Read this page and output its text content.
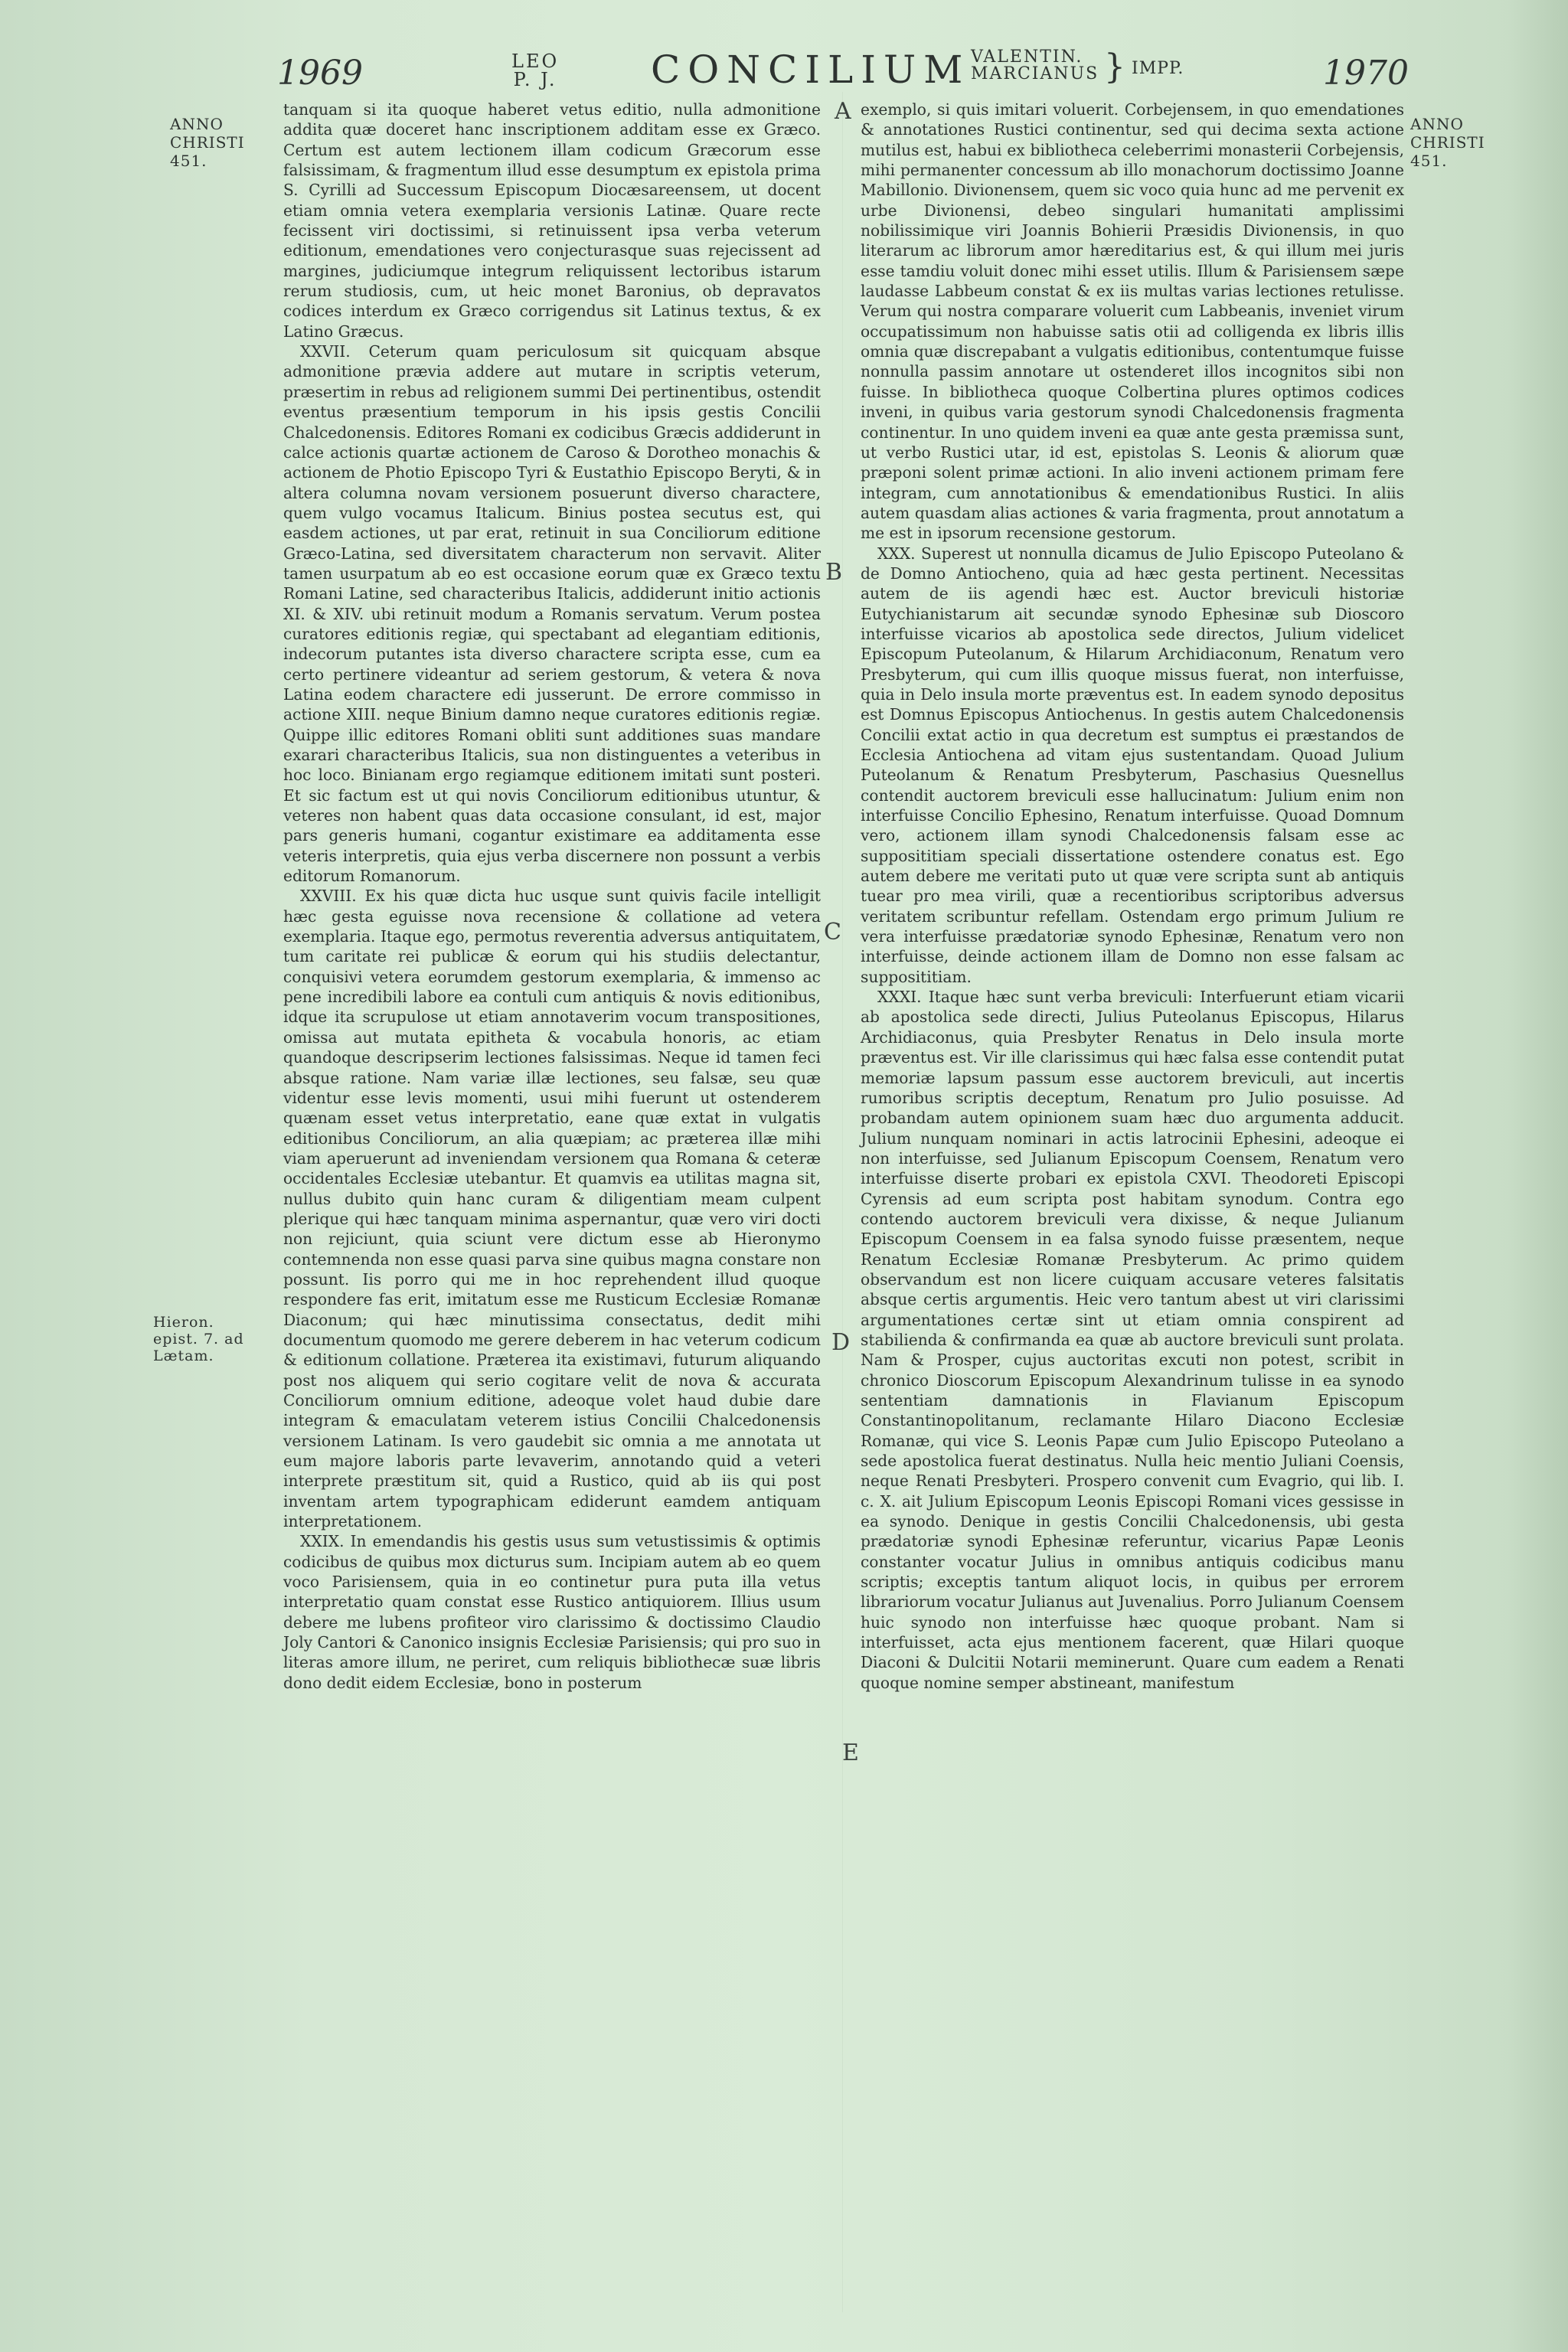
1969	LEO
P. J. CONCILIUM VALENTIN.
MARCIANUS } IMPP.	1970
ANNO
CHRISTI
451.
ANNO
CHRISTI
451.
Hieron.
epist. 7. ad
Lætam.
A
B
C
D
E

tanquam si ita quoque haberet vetus editio, nulla admonitione addita quæ doceret hanc inscriptionem additam esse ex Græco. Certum est autem lectionem illam codicum Græcorum esse falsissimam, & fragmentum illud esse desumptum ex epistola prima S. Cyrilli ad Successum Episcopum Diocæsareensem, ut docent etiam omnia vetera exemplaria versionis Latinæ. Quare recte fecissent viri doctissimi, si retinuissent ipsa verba veterum editionum, emendationes vero conjecturasque suas rejecissent ad margines, judiciumque integrum reliquissent lectoribus istarum rerum studiosis, cum, ut heic monet Baronius, ob depravatos codices interdum ex Græco corrigendus sit Latinus textus, & ex Latino Græcus.

XXVII. Ceterum quam periculosum sit quicquam absque admonitione prævia addere aut mutare in scriptis veterum, præsertim in rebus ad religionem summi Dei pertinentibus, ostendit eventus præsentium temporum in his ipsis gestis Concilii Chalcedonensis. Editores Romani ex codicibus Græcis addiderunt in calce actionis quartæ actionem de Caroso & Dorotheo monachis & actionem de Photio Episcopo Tyri & Eustathio Episcopo Beryti, & in altera columna novam versionem posuerunt diverso charactere, quem vulgo vocamus Italicum. Binius postea secutus est, qui easdem actiones, ut par erat, retinuit in sua Conciliorum editione Græco-Latina, sed diversitatem characterum non servavit. Aliter tamen usurpatum ab eo est occasione eorum quæ ex Græco textu Romani Latine, sed characteribus Italicis, addiderunt initio actionis XI. & XIV. ubi retinuit modum a Romanis servatum. Verum postea curatores editionis regiæ, qui spectabant ad elegantiam editionis, indecorum putantes ista diverso charactere scripta esse, cum ea certo pertinere videantur ad seriem gestorum, & vetera & nova Latina eodem charactere edi jusserunt. De errore commisso in actione XIII. neque Binium damno neque curatores editionis regiæ. Quippe illic editores Romani obliti sunt additiones suas mandare exarari characteribus Italicis, sua non distinguentes a veteribus in hoc loco. Binianam ergo regiamque editionem imitati sunt posteri. Et sic factum est ut qui novis Conciliorum editionibus utuntur, & veteres non habent quas data occasione consulant, id est, major pars generis humani, cogantur existimare ea additamenta esse veteris interpretis, quia ejus verba discernere non possunt a verbis editorum Romanorum.

XXVIII. Ex his quæ dicta huc usque sunt quivis facile intelligit hæc gesta eguisse nova recensione & collatione ad vetera exemplaria. Itaque ego, permotus reverentia adversus antiquitatem, tum caritate rei publicæ & eorum qui his studiis delectantur, conquisivi vetera eorumdem gestorum exemplaria, & immenso ac pene incredibili labore ea contuli cum antiquis & novis editionibus, idque ita scrupulose ut etiam annotaverim vocum transpositiones, omissa aut mutata epitheta & vocabula honoris, ac etiam quandoque descripserim lectiones falsissimas. Neque id tamen feci absque ratione. Nam variæ illæ lectiones, seu falsæ, seu quæ videntur esse levis momenti, usui mihi fuerunt ut ostenderem quænam esset vetus interpretatio, eane quæ extat in vulgatis editionibus Conciliorum, an alia quæpiam; ac præterea illæ mihi viam aperuerunt ad inveniendam versionem qua Romana & ceteræ occidentales Ecclesiæ utebantur. Et quamvis ea utilitas magna sit, nullus dubito quin hanc curam & diligentiam meam culpent plerique qui hæc tanquam minima aspernantur, quæ vero viri docti non rejiciunt, quia sciunt vere dictum esse ab Hieronymo contemnenda non esse quasi parva sine quibus magna constare non possunt. Iis porro qui me in hoc reprehendent illud quoque respondere fas erit, imitatum esse me Rusticum Ecclesiæ Romanæ Diaconum; qui hæc minutissima consectatus, dedit mihi documentum quomodo me gerere deberem in hac veterum codicum & editionum collatione. Præterea ita existimavi, futurum aliquando post nos aliquem qui serio cogitare velit de nova & accurata Conciliorum omnium editione, adeoque volet haud dubie dare integram & emaculatam veterem istius Concilii Chalcedonensis versionem Latinam. Is vero gaudebit sic omnia a me annotata ut eum majore laboris parte levaverim, annotando quid a veteri interprete præstitum sit, quid a Rustico, quid ab iis qui post inventam artem typographicam ediderunt eamdem antiquam interpretationem.

XXIX. In emendandis his gestis usus sum vetustissimis & optimis codicibus de quibus mox dicturus sum. Incipiam autem ab eo quem voco Parisiensem, quia in eo continetur pura puta illa vetus interpretatio quam constat esse Rustico antiquiorem. Illius usum debere me lubens profiteor viro clarissimo & doctissimo Claudio Joly Cantori & Canonico insignis Ecclesiæ Parisiensis; qui pro suo in literas amore illum, ne periret, cum reliquis bibliothecæ suæ libris dono dedit eidem Ecclesiæ, bono in posterum

exemplo, si quis imitari voluerit. Corbejensem, in quo emendationes & annotationes Rustici continentur, sed qui decima sexta actione mutilus est, habui ex bibliotheca celeberrimi monasterii Corbejensis, mihi permanenter concessum ab illo monachorum doctissimo Joanne Mabillonio. Divionensem, quem sic voco quia hunc ad me pervenit ex urbe Divionensi, debeo singulari humanitati amplissimi nobilissimique viri Joannis Bohierii Præsidis Divionensis, in quo literarum ac librorum amor hæreditarius est, & qui illum mei juris esse tamdiu voluit donec mihi esset utilis. Illum & Parisiensem sæpe laudasse Labbeum constat & ex iis multas varias lectiones retulisse. Verum qui nostra comparare voluerit cum Labbeanis, inveniet virum occupatissimum non habuisse satis otii ad colligenda ex libris illis omnia quæ discrepabant a vulgatis editionibus, contentumque fuisse nonnulla passim annotare ut ostenderet illos incognitos sibi non fuisse. In bibliotheca quoque Colbertina plures optimos codices inveni, in quibus varia gestorum synodi Chalcedonensis fragmenta continentur. In uno quidem inveni ea quæ ante gesta præmissa sunt, ut verbo Rustici utar, id est, epistolas S. Leonis & aliorum quæ præponi solent primæ actioni. In alio inveni actionem primam fere integram, cum annotationibus & emendationibus Rustici. In aliis autem quasdam alias actiones & varia fragmenta, prout annotatum a me est in ipsorum recensione gestorum.

XXX. Superest ut nonnulla dicamus de Julio Episcopo Puteolano & de Domno Antiocheno, quia ad hæc gesta pertinent. Necessitas autem de iis agendi hæc est. Auctor breviculi historiæ Eutychianistarum ait secundæ synodo Ephesinæ sub Dioscoro interfuisse vicarios ab apostolica sede directos, Julium videlicet Episcopum Puteolanum, & Hilarum Archidiaconum, Renatum vero Presbyterum, qui cum illis quoque missus fuerat, non interfuisse, quia in Delo insula morte præventus est. In eadem synodo depositus est Domnus Episcopus Antiochenus. In gestis autem Chalcedonensis Concilii extat actio in qua decretum est sumptus ei præstandos de Ecclesia Antiochena ad vitam ejus sustentandam. Quoad Julium Puteolanum & Renatum Presbyterum, Paschasius Quesnellus contendit auctorem breviculi esse hallucinatum: Julium enim non interfuisse Concilio Ephesino, Renatum interfuisse. Quoad Domnum vero, actionem illam synodi Chalcedonensis falsam esse ac supposititiam speciali dissertatione ostendere conatus est. Ego autem debere me veritati puto ut quæ vere scripta sunt ab antiquis tuear pro mea virili, quæ a recentioribus scriptoribus adversus veritatem scribuntur refellam. Ostendam ergo primum Julium re vera interfuisse prædatoriæ synodo Ephesinæ, Renatum vero non interfuisse, deinde actionem illam de Domno non esse falsam ac supposititiam.

XXXI. Itaque hæc sunt verba breviculi: Interfuerunt etiam vicarii ab apostolica sede directi, Julius Puteolanus Episcopus, Hilarus Archidiaconus, quia Presbyter Renatus in Delo insula morte præventus est. Vir ille clarissimus qui hæc falsa esse contendit putat memoriæ lapsum passum esse auctorem breviculi, aut incertis rumoribus scriptis deceptum, Renatum pro Julio posuisse. Ad probandam autem opinionem suam hæc duo argumenta adducit. Julium nunquam nominari in actis latrocinii Ephesini, adeoque ei non interfuisse, sed Julianum Episcopum Coensem, Renatum vero interfuisse diserte probari ex epistola CXVI. Theodoreti Episcopi Cyrensis ad eum scripta post habitam synodum. Contra ego contendo auctorem breviculi vera dixisse, & neque Julianum Episcopum Coensem in ea falsa synodo fuisse præsentem, neque Renatum Ecclesiæ Romanæ Presbyterum. Ac primo quidem observandum est non licere cuiquam accusare veteres falsitatis absque certis argumentis. Heic vero tantum abest ut viri clarissimi argumentationes certæ sint ut etiam omnia conspirent ad stabilienda & confirmanda ea quæ ab auctore breviculi sunt prolata. Nam & Prosper, cujus auctoritas excuti non potest, scribit in chronico Dioscorum Episcopum Alexandrinum tulisse in ea synodo sententiam damnationis in Flavianum Episcopum Constantinopolitanum, reclamante Hilaro Diacono Ecclesiæ Romanæ, qui vice S. Leonis Papæ cum Julio Episcopo Puteolano a sede apostolica fuerat destinatus. Nulla heic mentio Juliani Coensis, neque Renati Presbyteri. Prospero convenit cum Evagrio, qui lib. I. c. X. ait Julium Episcopum Leonis Episcopi Romani vices gessisse in ea synodo. Denique in gestis Concilii Chalcedonensis, ubi gesta prædatoriæ synodi Ephesinæ referuntur, vicarius Papæ Leonis constanter vocatur Julius in omnibus antiquis codicibus manu scriptis; exceptis tantum aliquot locis, in quibus per errorem librariorum vocatur Julianus aut Juvenalius. Porro Julianum Coensem huic synodo non interfuisse hæc quoque probant. Nam si interfuisset, acta ejus mentionem facerent, quæ Hilari quoque Diaconi & Dulcitii Notarii meminerunt. Quare cum eadem a Renati quoque nomine semper abstineant, manifestum
